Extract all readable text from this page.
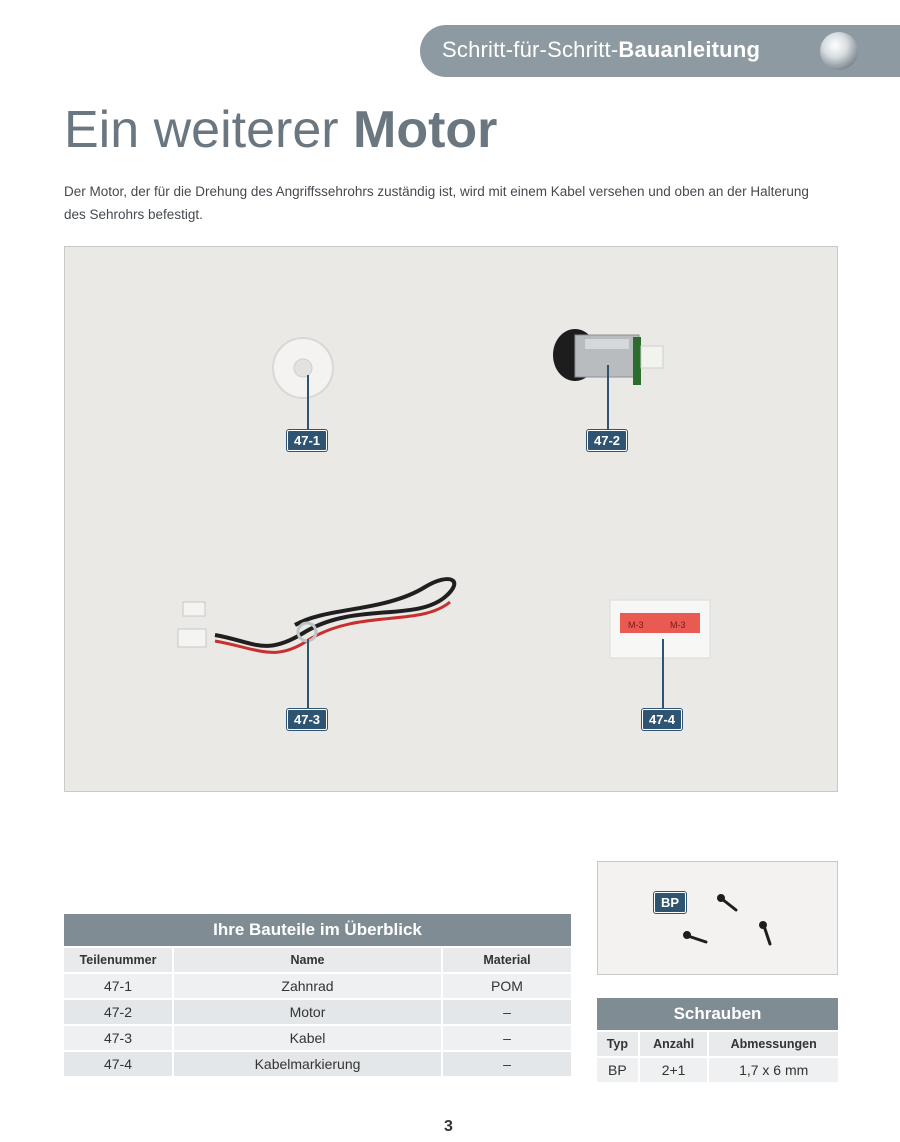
Schritt-für-Schritt-Bauanleitung
Ein weiterer Motor

Der Motor, der für die Drehung des Angriffssehrohrs zuständig ist, wird mit einem Kabel versehen und oben an der Halterung des Sehrohrs befestigt.

M-3	M-3
47-1	47-2
47-3	47-4
Ihre Bauteile im Überblick
Teilenummer	Name	Material
47-1	Zahnrad	POM
47-2	Motor	–
47-3	Kabel	–
47-4	Kabelmarkierung	–
BP
Schrauben
Typ	Anzahl	Abmessungen
BP	2+1	1,7 x 6 mm
3
